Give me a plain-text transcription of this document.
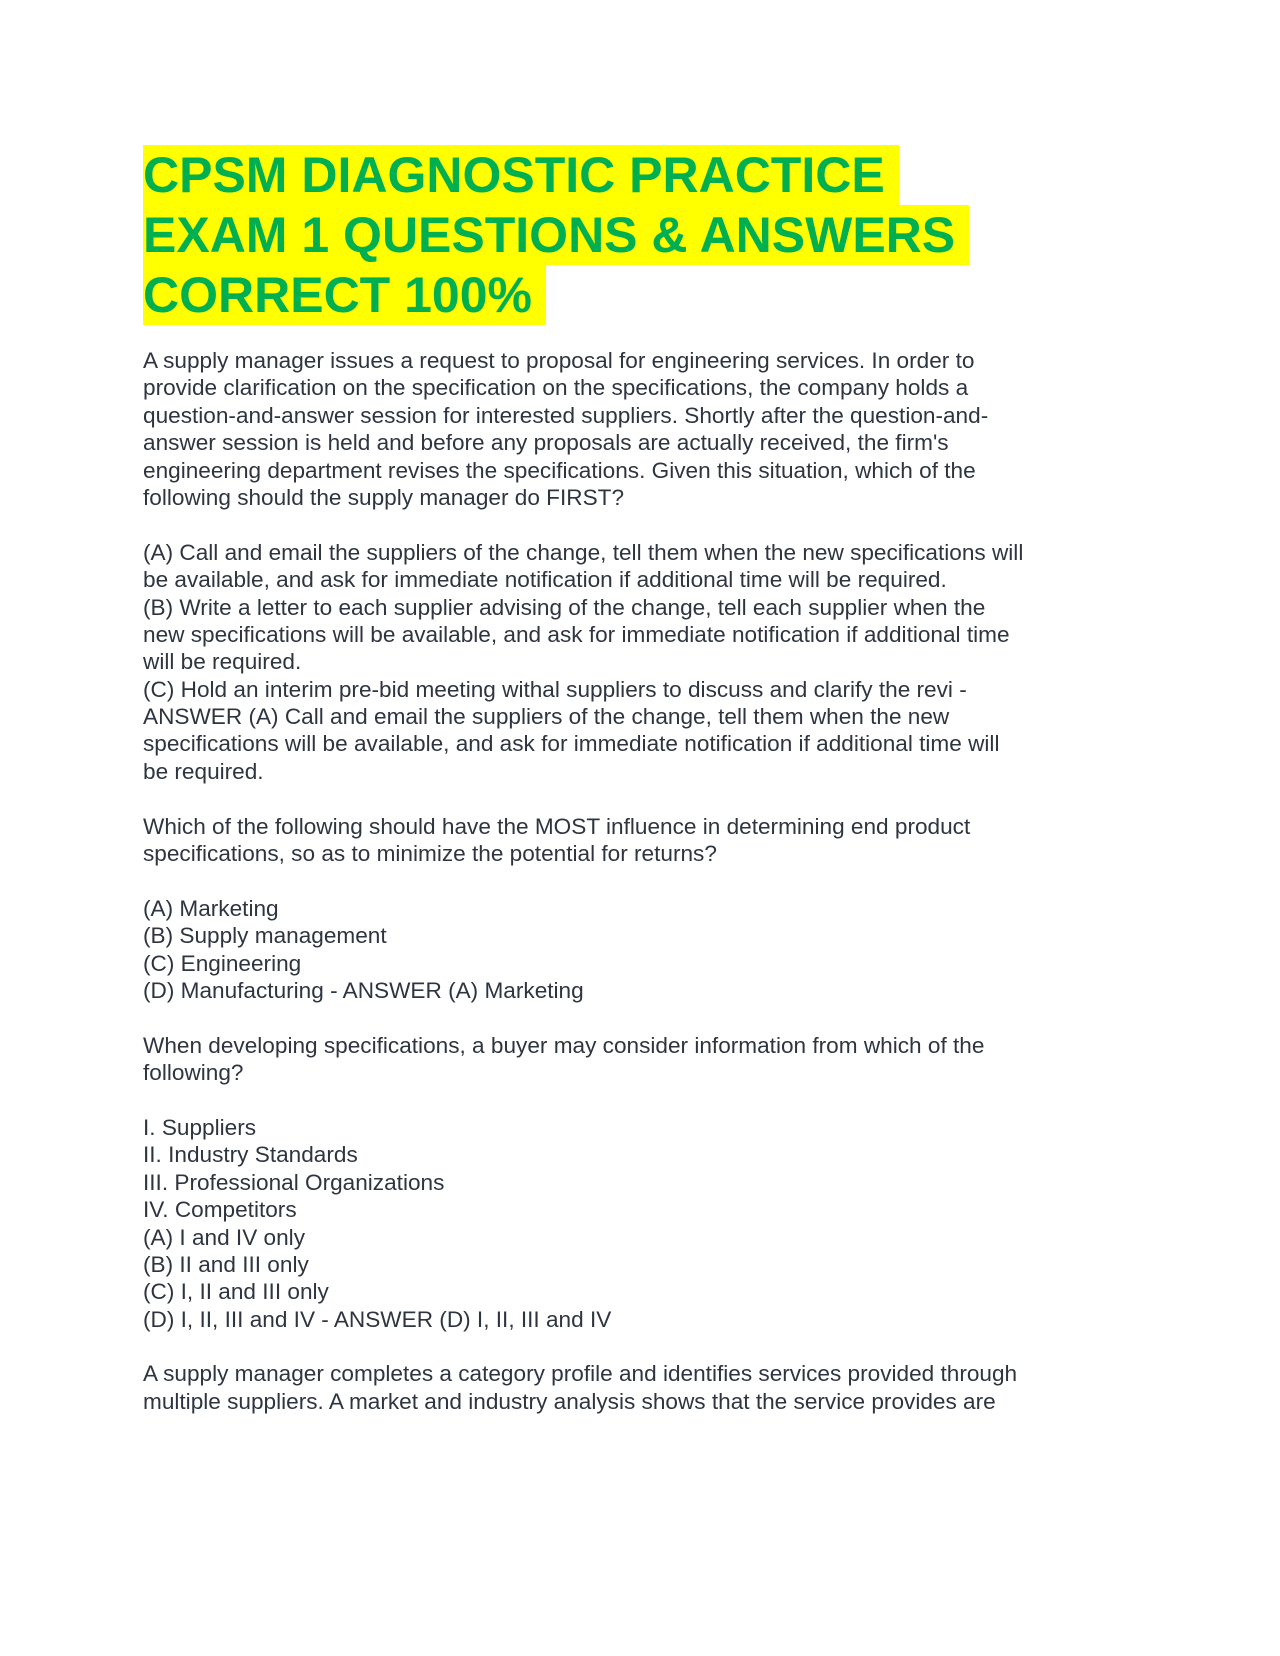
CPSM DIAGNOSTIC PRACTICE
EXAM 1 QUESTIONS & ANSWERS
CORRECT 100%
A supply manager issues a request to proposal for engineering services. In order to
provide clarification on the specification on the specifications, the company holds a
question-and-answer session for interested suppliers. Shortly after the question-and-
answer session is held and before any proposals are actually received, the firm's
engineering department revises the specifications. Given this situation, which of the
following should the supply manager do FIRST?
(A) Call and email the suppliers of the change, tell them when the new specifications will
be available, and ask for immediate notification if additional time will be required.
(B) Write a letter to each supplier advising of the change, tell each supplier when the
new specifications will be available, and ask for immediate notification if additional time
will be required.
(C) Hold an interim pre-bid meeting withal suppliers to discuss and clarify the revi -
ANSWER (A) Call and email the suppliers of the change, tell them when the new
specifications will be available, and ask for immediate notification if additional time will
be required.
Which of the following should have the MOST influence in determining end product
specifications, so as to minimize the potential for returns?
(A) Marketing
(B) Supply management
(C) Engineering
(D) Manufacturing - ANSWER (A) Marketing
When developing specifications, a buyer may consider information from which of the
following?
I. Suppliers
II. Industry Standards
III. Professional Organizations
IV. Competitors
(A) I and IV only
(B) II and III only
(C) I, II and III only
(D) I, II, III and IV - ANSWER (D) I, II, III and IV
A supply manager completes a category profile and identifies services provided through
multiple suppliers. A market and industry analysis shows that the service provides are
